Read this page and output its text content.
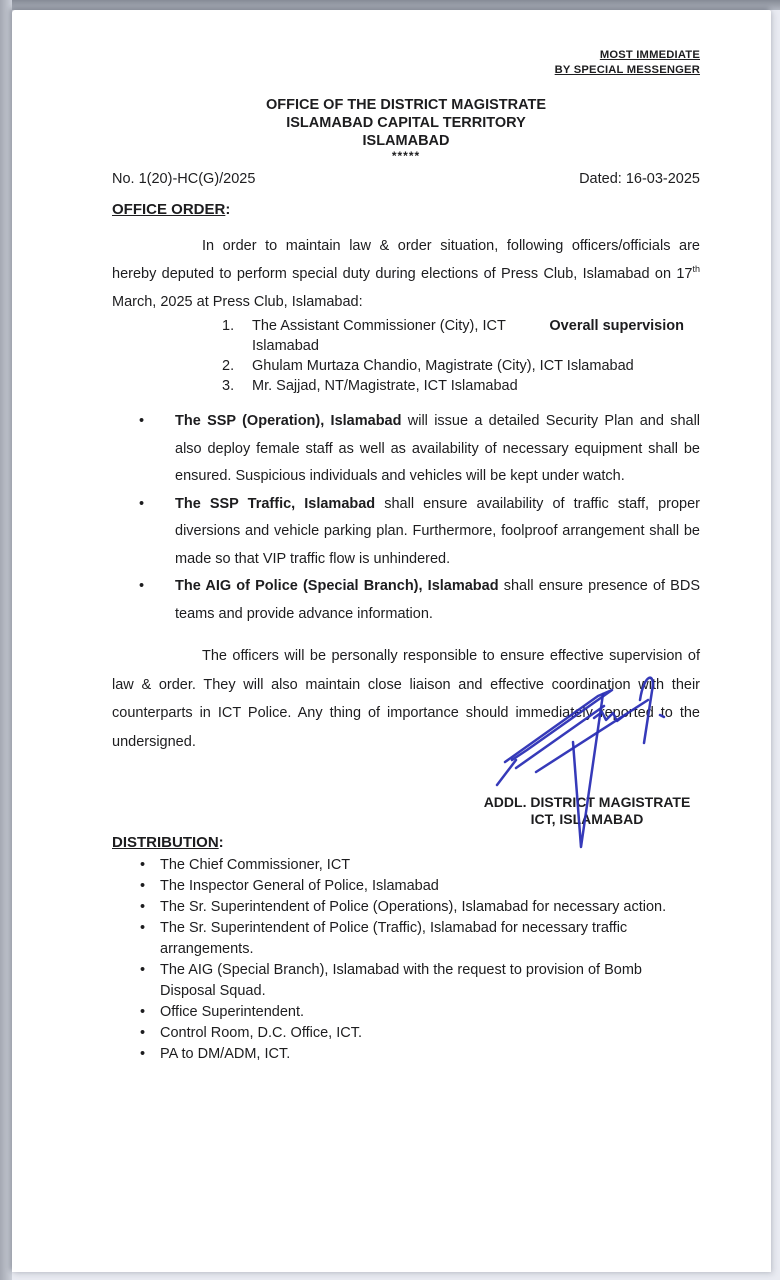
MOST IMMEDIATE
BY SPECIAL MESSENGER
OFFICE OF THE DISTRICT MAGISTRATE
ISLAMABAD CAPITAL TERRITORY
ISLAMABAD
*****
No. 1(20)-HC(G)/2025	Dated: 16-03-2025
OFFICE ORDER:
In order to maintain law & order situation, following officers/officials are hereby deputed to perform special duty during elections of Press Club, Islamabad on 17th March, 2025 at Press Club, Islamabad:
1.	The Assistant Commissioner (City), ICT Islamabad
Overall supervision
2.	Ghulam Murtaza Chandio, Magistrate (City), ICT Islamabad
3.	Mr. Sajjad, NT/Magistrate, ICT Islamabad
•	The SSP (Operation), Islamabad will issue a detailed Security Plan and shall also deploy female staff as well as availability of necessary equipment shall be ensured. Suspicious individuals and vehicles will be kept under watch.
•	The SSP Traffic, Islamabad shall ensure availability of traffic staff, proper diversions and vehicle parking plan. Furthermore, foolproof arrangement shall be made so that VIP traffic flow is unhindered.
•	The AIG of Police (Special Branch), Islamabad shall ensure presence of BDS teams and provide advance information.
The officers will be personally responsible to ensure effective supervision of law & order. They will also maintain close liaison and effective coordination with their counterparts in ICT Police. Any thing of importance should immediately reported to the undersigned.
ADDL. DISTRICT MAGISTRATE
ICT, ISLAMABAD
DISTRIBUTION:
•	The Chief Commissioner, ICT
•	The Inspector General of Police, Islamabad
•	The Sr. Superintendent of Police (Operations), Islamabad for necessary action.
•	The Sr. Superintendent of Police (Traffic), Islamabad for necessary traffic arrangements.
•	The AIG (Special Branch), Islamabad with the request to provision of Bomb Disposal Squad.
•	Office Superintendent.
•	Control Room, D.C. Office, ICT.
•	PA to DM/ADM, ICT.
